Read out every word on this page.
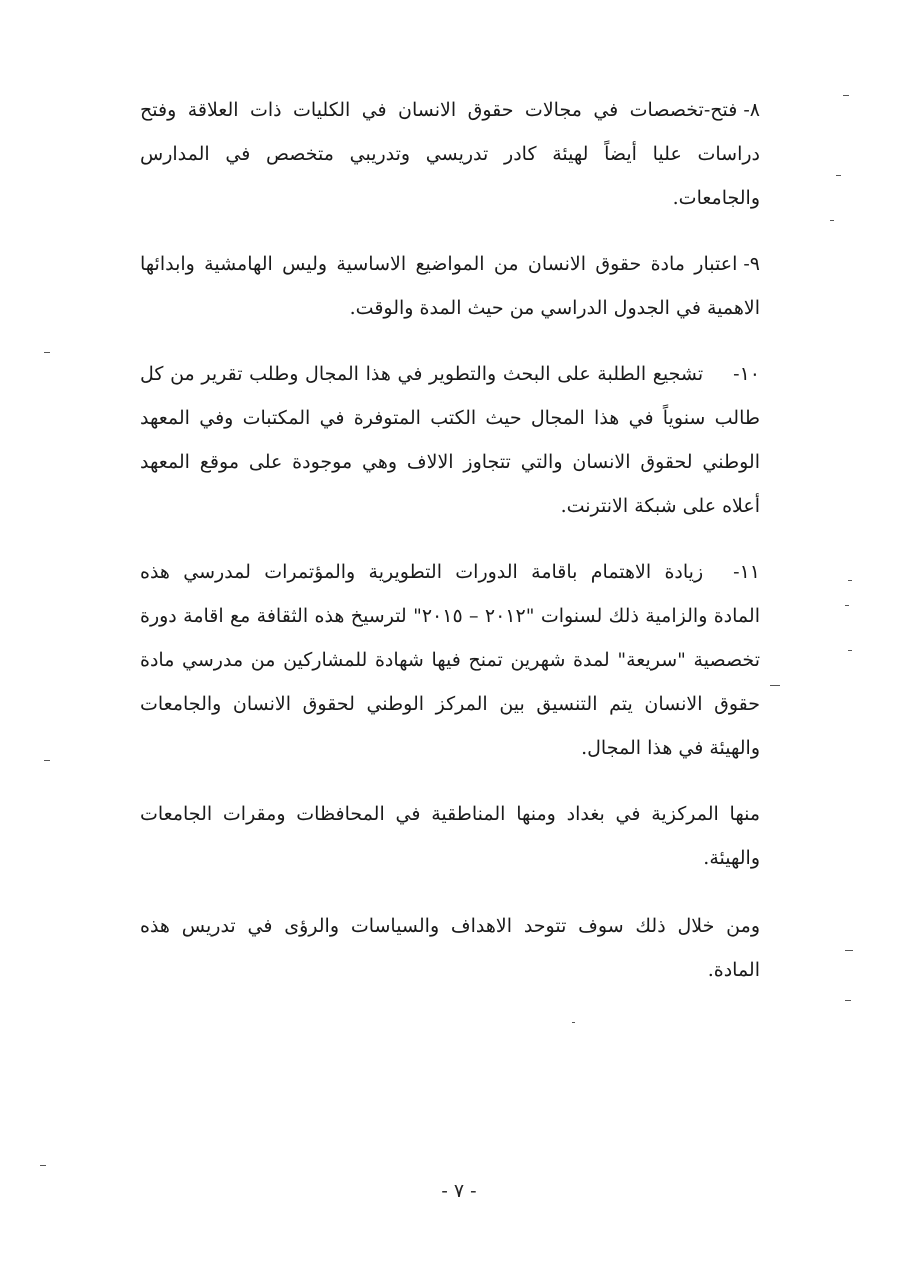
٨-فتح-تخصصات في مجالات حقوق الانسان في الكليات ذات العلاقة وفتح دراسات عليا أيضاً لهيئة كادر تدريسي وتدريبي متخصص في المدارس والجامعات.

٩-اعتبار مادة حقوق الانسان من المواضيع الاساسية وليس الهامشية وابدائها الاهمية في الجدول الدراسي من حيث المدة والوقت.

١٠-تشجيع الطلبة على البحث والتطوير في هذا المجال وطلب تقرير من كل طالب سنوياً في هذا المجال حيث الكتب المتوفرة في المكتبات وفي المعهد الوطني لحقوق الانسان والتي تتجاوز الالاف وهي موجودة على موقع المعهد أعلاه على شبكة الانترنت.

١١-زيادة الاهتمام باقامة الدورات التطويرية والمؤتمرات لمدرسي هذه المادة والزامية ذلك لسنوات "٢٠١٢ – ٢٠١٥" لترسيخ هذه الثقافة مع اقامة دورة تخصصية "سريعة" لمدة شهرين تمنح فيها شهادة للمشاركين من مدرسي مادة حقوق الانسان يتم التنسيق بين المركز الوطني لحقوق الانسان والجامعات والهيئة في هذا المجال.

منها المركزية في بغداد ومنها المناطقية في المحافظات ومقرات الجامعات والهيئة.

ومن خلال ذلك سوف تتوحد الاهداف والسياسات والرؤى في تدريس هذه المادة.

- ٧ -
